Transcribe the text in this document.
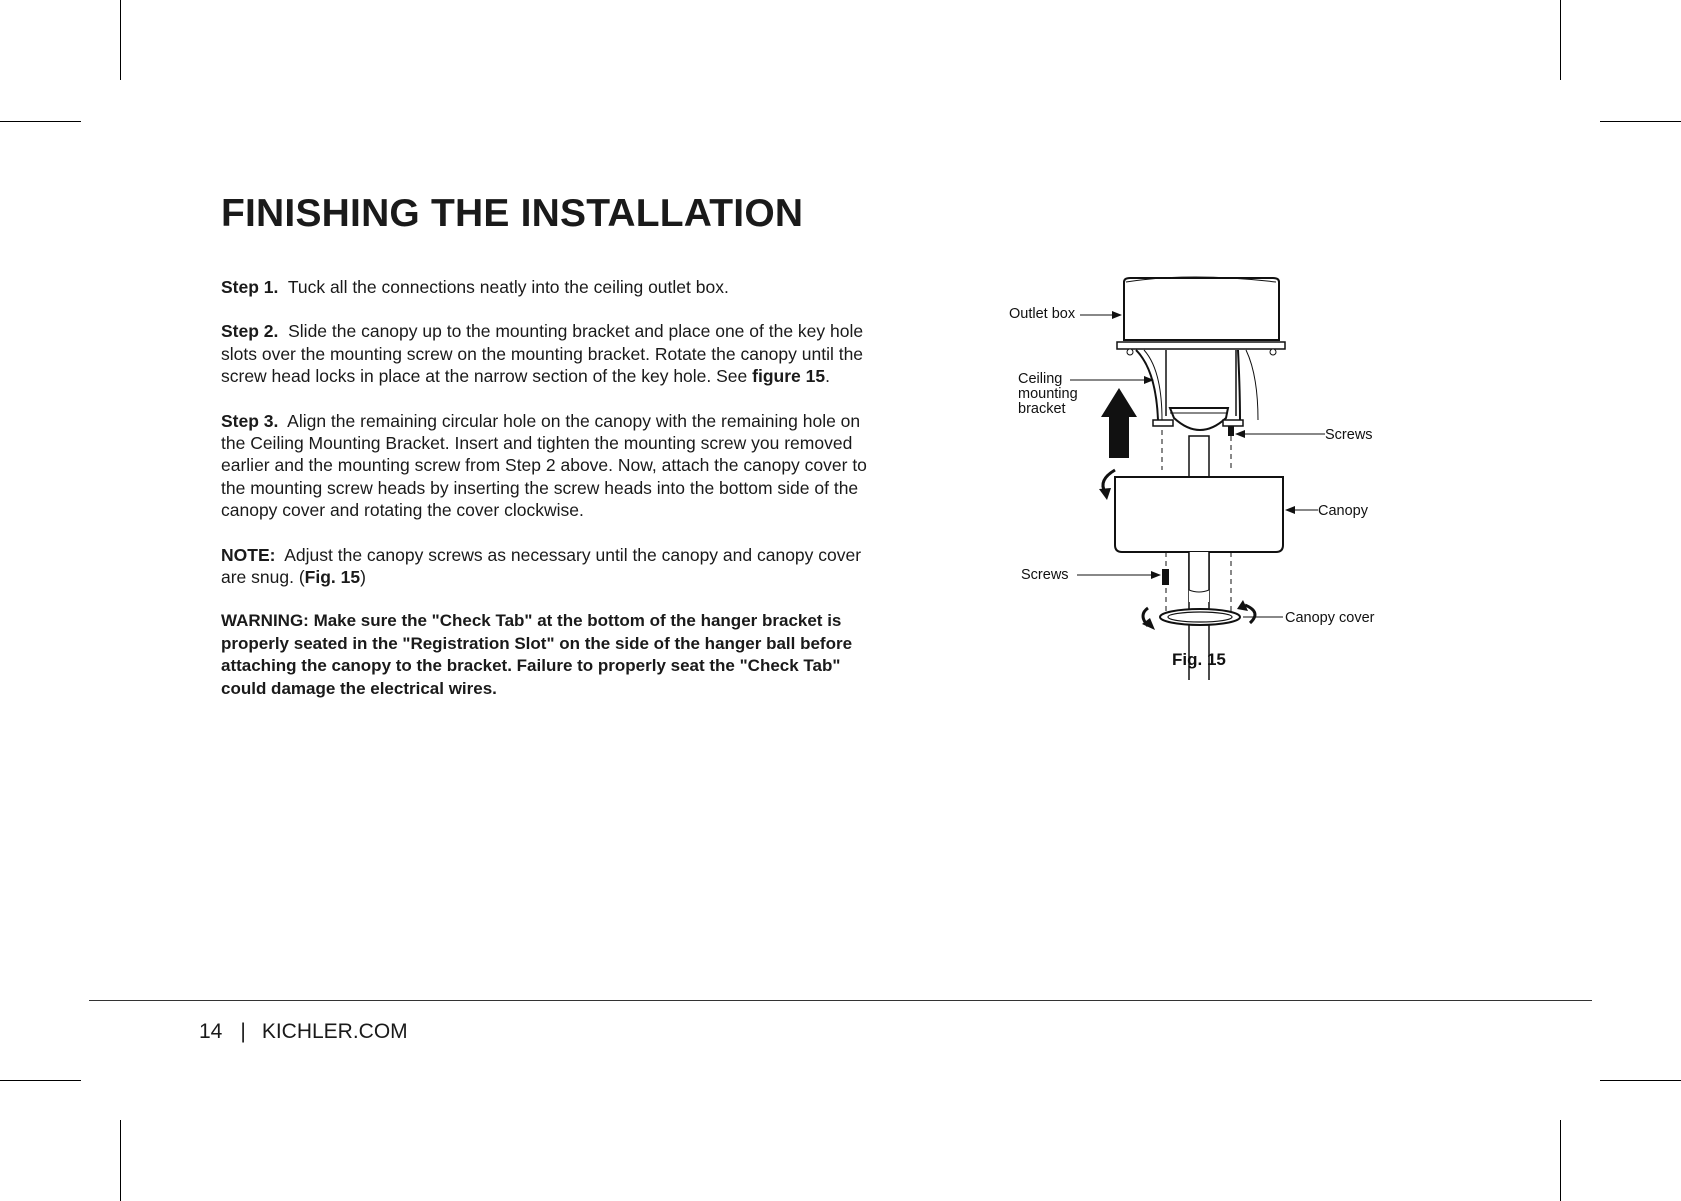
FINISHING THE INSTALLATION

Step 1. Tuck all the connections neatly into the ceiling outlet box.

Step 2. Slide the canopy up to the mounting bracket and place one of the key hole slots over the mounting screw on the mounting bracket. Rotate the canopy until the screw head locks in place at the narrow section of the key hole. See figure 15.

Step 3. Align the remaining circular hole on the canopy with the remaining hole on the Ceiling Mounting Bracket. Insert and tighten the mounting screw you removed earlier and the mounting screw from Step 2 above. Now, attach the canopy cover to the mounting screw heads by inserting the screw heads into the bottom side of the canopy cover and rotating the cover clockwise.

NOTE: Adjust the canopy screws as necessary until the canopy and canopy cover are snug. (Fig. 15)

WARNING: Make sure the "Check Tab" at the bottom of the hanger bracket is properly seated in the "Registration Slot" on the side of the hanger ball before attaching the canopy to the bracket. Failure to properly seat the "Check Tab" could damage the electrical wires.

Outlet box
Ceiling
mounting
bracket
Screws
Canopy
Screws
Canopy cover
Fig. 15
14 | KICHLER.COM
